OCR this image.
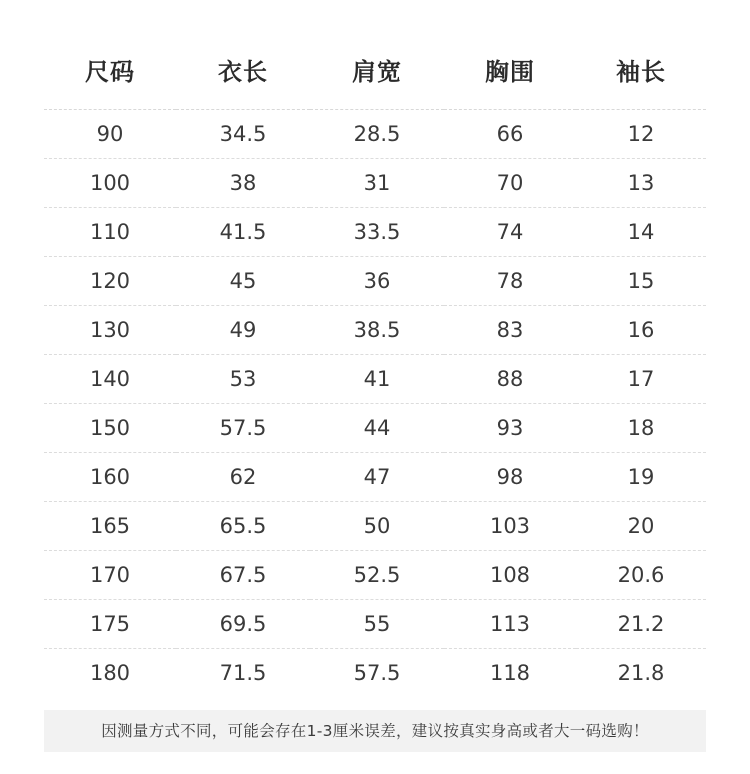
尺码	衣长	肩宽	胸围	袖长
90	34.5	28.5	66	12
100	38	31	70	13
110	41.5	33.5	74	14
120	45	36	78	15
130	49	38.5	83	16
140	53	41	88	17
150	57.5	44	93	18
160	62	47	98	19
165	65.5	50	103	20
170	67.5	52.5	108	20.6
175	69.5	55	113	21.2
180	71.5	57.5	118	21.8
因测量方式不同，可能会存在1-3厘米误差，建议按真实身高或者大一码选购！
